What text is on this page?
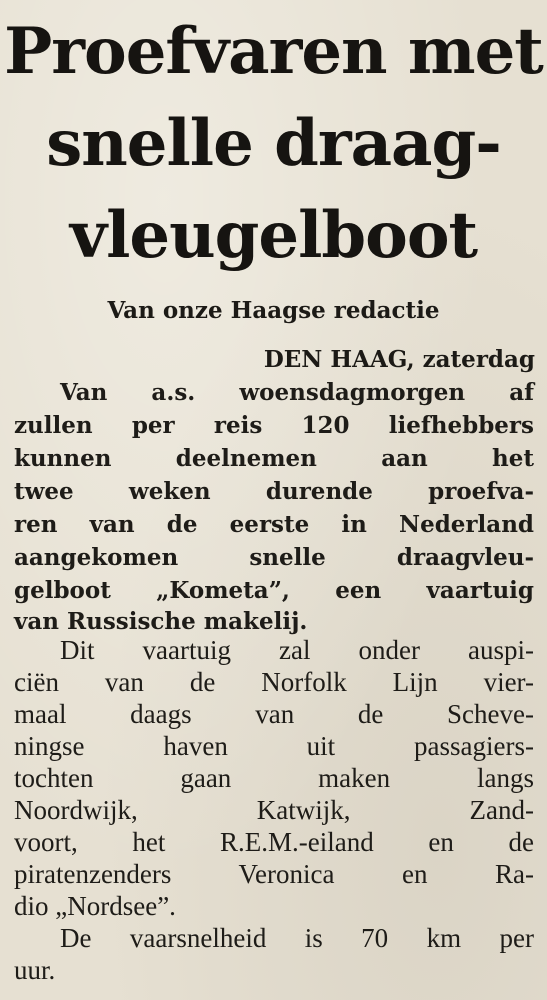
Proefvaren met
snelle draag-
vleugelboot
Van onze Haagse redactie
DEN HAAG, zaterdag
Van a.s. woensdagmorgen af
zullen per reis 120 liefhebbers
kunnen deelnemen aan het
twee weken durende proefva-
ren van de eerste in Nederland
aangekomen snelle draagvleu-
gelboot „Kometa”, een vaartuig
van Russische makelij.
Dit vaartuig zal onder auspi-
ciën van de Norfolk Lijn vier-
maal daags van de Scheve-
ningse haven uit passagiers-
tochten gaan maken langs
Noordwijk, Katwijk, Zand-
voort, het R.E.M.-eiland en de
piratenzenders Veronica en Ra-
dio „Nordsee”.
De vaarsnelheid is 70 km per
uur.
